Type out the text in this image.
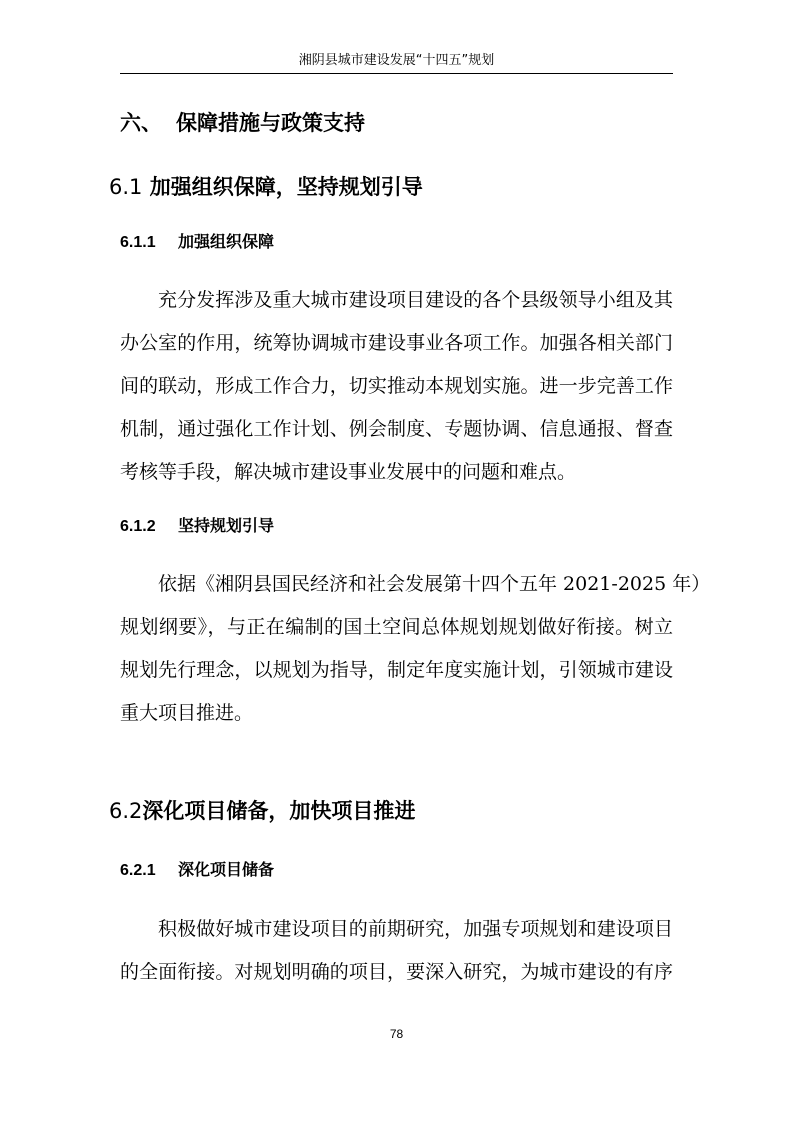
湘阴县城市建设发展“十四五”规划
六、 保障措施与政策支持
6.1 加强组织保障，坚持规划引导
6.1.1 加强组织保障
充分发挥涉及重大城市建设项目建设的各个县级领导小组及其
办公室的作用，统筹协调城市建设事业各项工作。加强各相关部门
间的联动，形成工作合力，切实推动本规划实施。进一步完善工作
机制，通过强化工作计划、例会制度、专题协调、信息通报、督查
考核等手段，解决城市建设事业发展中的问题和难点。
6.1.2 坚持规划引导
依据《湘阴县国民经济和社会发展第十四个五年 2021-2025 年）
规划纲要》，与正在编制的国土空间总体规划规划做好衔接。树立
规划先行理念，以规划为指导，制定年度实施计划，引领城市建设
重大项目推进。
6.2深化项目储备，加快项目推进
6.2.1 深化项目储备
积极做好城市建设项目的前期研究，加强专项规划和建设项目
的全面衔接。对规划明确的项目，要深入研究，为城市建设的有序
78
